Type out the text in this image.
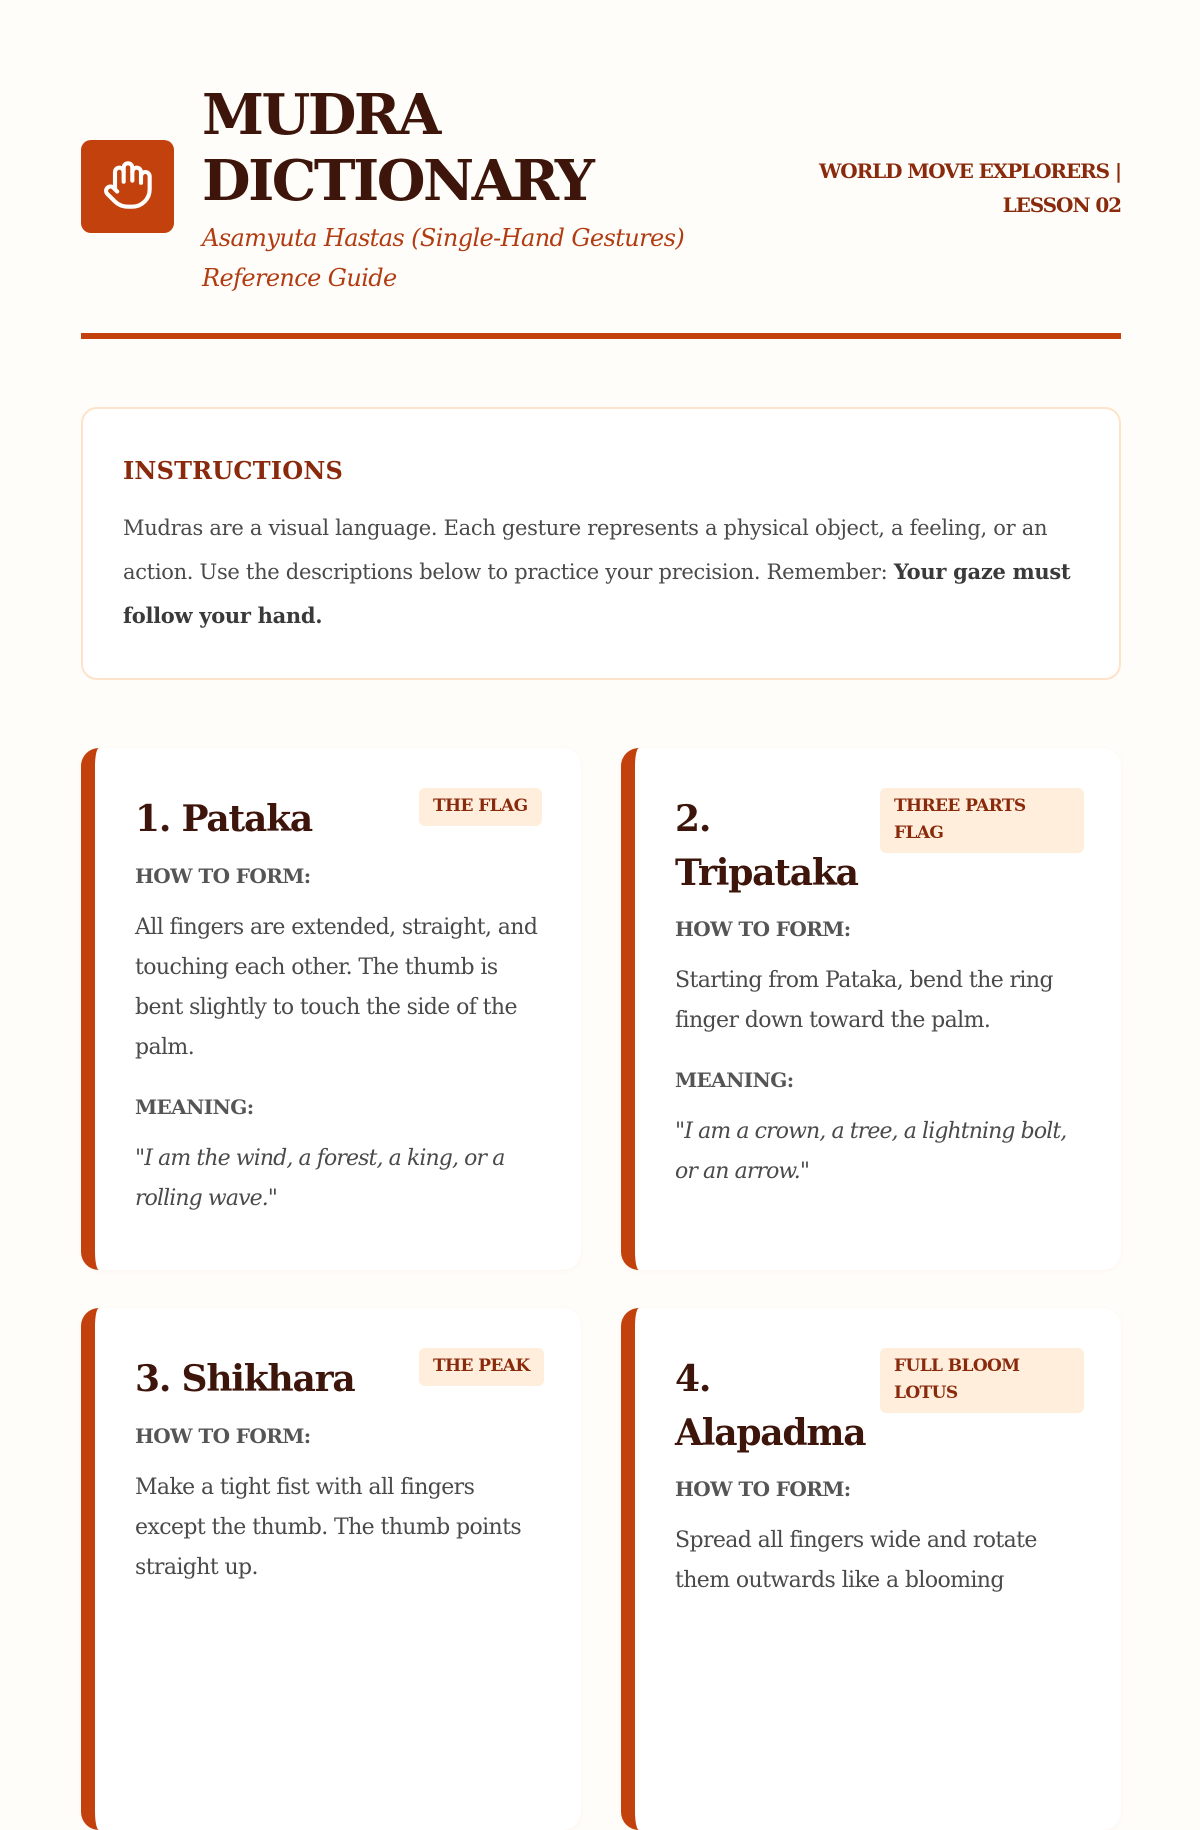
MUDRA
DICTIONARY

Asamyuta Hastas (Single-Hand Gestures) Reference Guide

WORLD MOVE EXPLORERS | LESSON 02
INSTRUCTIONS

Mudras are a visual language. Each gesture represents a physical object, a feeling, or an action. Use the descriptions below to practice your precision. Remember: Your gaze must follow your hand.

1. Pataka	THE FLAG

HOW TO FORM:

All fingers are extended, straight, and touching each other. The thumb is bent slightly to touch the side of the palm.

MEANING:

"I am the wind, a forest, a king, or a rolling wave."

2. Tripataka
THREE PARTS FLAG

HOW TO FORM:

Starting from Pataka, bend the ring finger down toward the palm.

MEANING:

"I am a crown, a tree, a lightning bolt, or an arrow."

3. Shikhara	THE PEAK

HOW TO FORM:

Make a tight fist with all fingers except the thumb. The thumb points straight up.

4. Alapadma
FULL BLOOM LOTUS

HOW TO FORM:

Spread all fingers wide and rotate them outwards like a blooming
